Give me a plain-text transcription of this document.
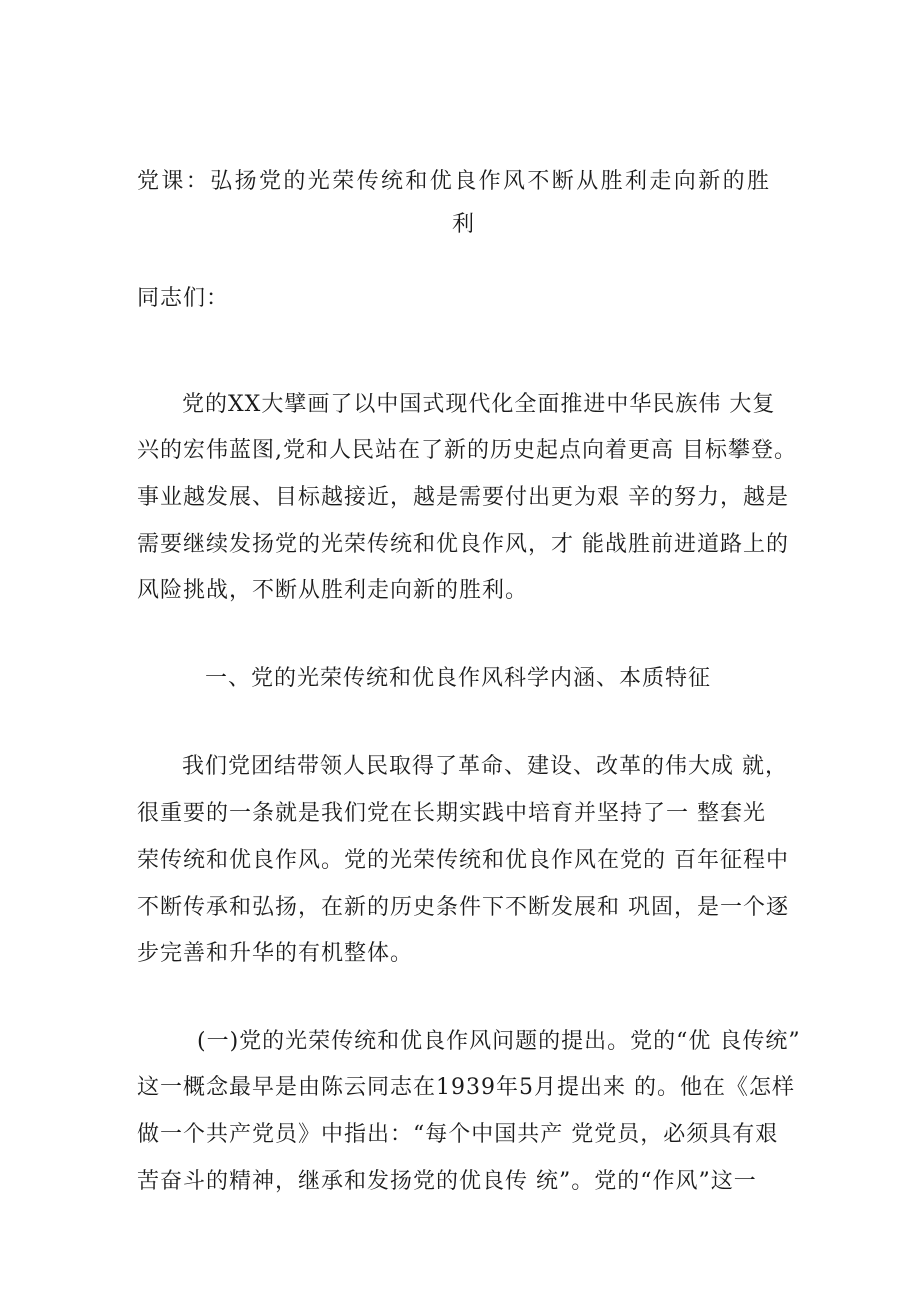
党课：弘扬党的光荣传统和优良作风不断从胜利走向新的胜
利
同志们：
党的XX大擘画了以中国式现代化全面推进中华民族伟 大复
兴的宏伟蓝图,党和人民站在了新的历史起点向着更高 目标攀登。
事业越发展、目标越接近，越是需要付出更为艰 辛的努力，越是
需要继续发扬党的光荣传统和优良作风，才 能战胜前进道路上的
风险挑战，不断从胜利走向新的胜利。
一、党的光荣传统和优良作风科学内涵、本质特征
我们党团结带领人民取得了革命、建设、改革的伟大成 就，
很重要的一条就是我们党在长期实践中培育并坚持了一 整套光
荣传统和优良作风。党的光荣传统和优良作风在党的 百年征程中
不断传承和弘扬，在新的历史条件下不断发展和 巩固，是一个逐
步完善和升华的有机整体。
(一)党的光荣传统和优良作风问题的提出。党的“优 良传统”
这一概念最早是由陈云同志在1939年5月提出来 的。他在《怎样
做一个共产党员》中指出：“每个中国共产 党党员，必须具有艰
苦奋斗的精神，继承和发扬党的优良传 统”。党的“作风”这一
